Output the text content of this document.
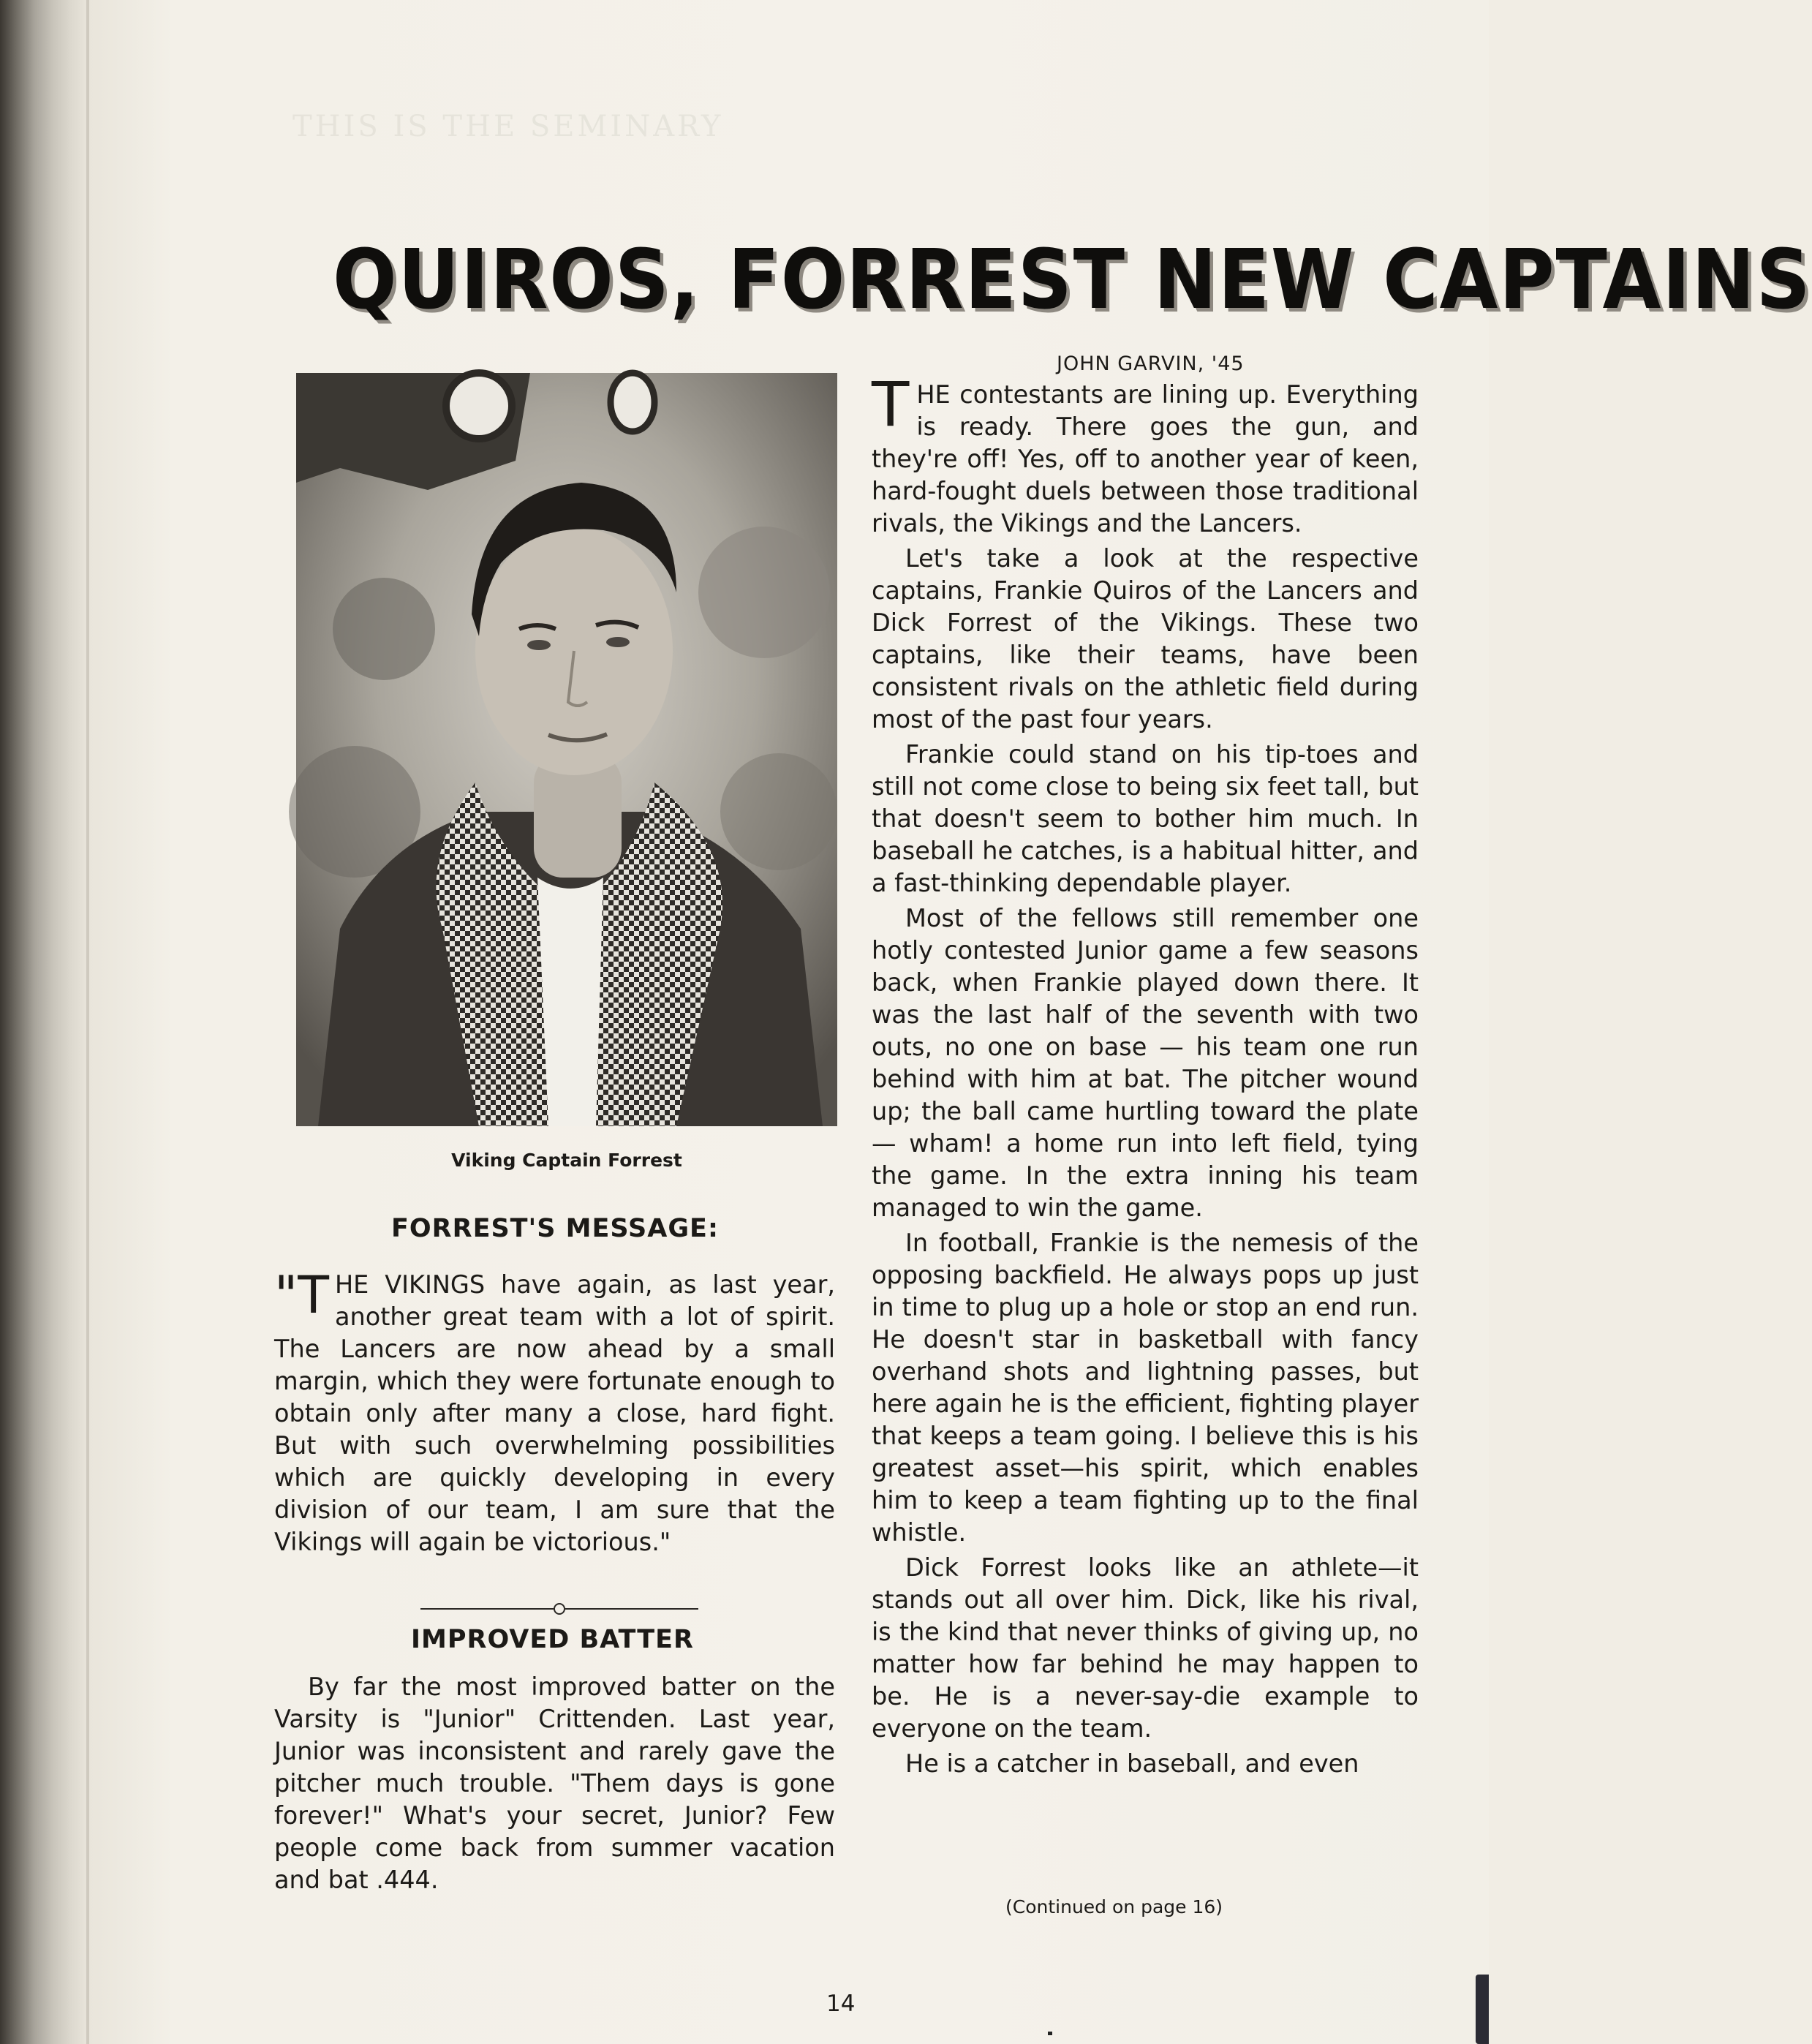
THIS IS THE SEMINARY
QUIROS, FORREST NEW CAPTAINS
JOHN GARVIN, '45
Viking Captain Forrest

T HE contestants are lining up. Everything is ready. There goes the gun, and they're off! Yes, off to another year of keen, hard-fought duels between those traditional rivals, the Vikings and the Lancers.

Let's take a look at the respective captains, Frankie Quiros of the Lancers and Dick Forrest of the Vikings. These two captains, like their teams, have been consistent rivals on the athletic field during most of the past four years.

Frankie could stand on his tip-toes and still not come close to being six feet tall, but that doesn't seem to bother him much. In baseball he catches, is a habitual hitter, and a fast-thinking dependable player.

Most of the fellows still remember one hotly contested Junior game a few seasons back, when Frankie played down there. It was the last half of the seventh with two outs, no one on base — his team one run behind with him at bat. The pitcher wound up; the ball came hurtling toward the plate — wham! a home run into left field, tying the game. In the extra inning his team managed to win the game.

In football, Frankie is the nemesis of the opposing backfield. He always pops up just in time to plug up a hole or stop an end run. He doesn't star in basketball with fancy overhand shots and lightning passes, but here again he is the efficient, fighting player that keeps a team going. I believe this is his greatest asset—his spirit, which enables him to keep a team fighting up to the final whistle.

Dick Forrest looks like an athlete—it stands out all over him. Dick, like his rival, is the kind that never thinks of giving up, no matter how far behind he may happen to be. He is a never-say-die example to everyone on the team.

He is a catcher in baseball, and even

(Continued on page 16)
FORREST'S MESSAGE:

"T HE VIKINGS have again, as last year, another great team with a lot of spirit. The Lancers are now ahead by a small margin, which they were fortunate enough to obtain only after many a close, hard fight. But with such overwhelming possibilities which are quickly developing in every division of our team, I am sure that the Vikings will again be victorious."

IMPROVED BATTER

By far the most improved batter on the Varsity is "Junior" Crittenden. Last year, Junior was inconsistent and rarely gave the pitcher much trouble. "Them days is gone forever!" What's your secret, Junior? Few people come back from summer vacation and bat .444.

14
